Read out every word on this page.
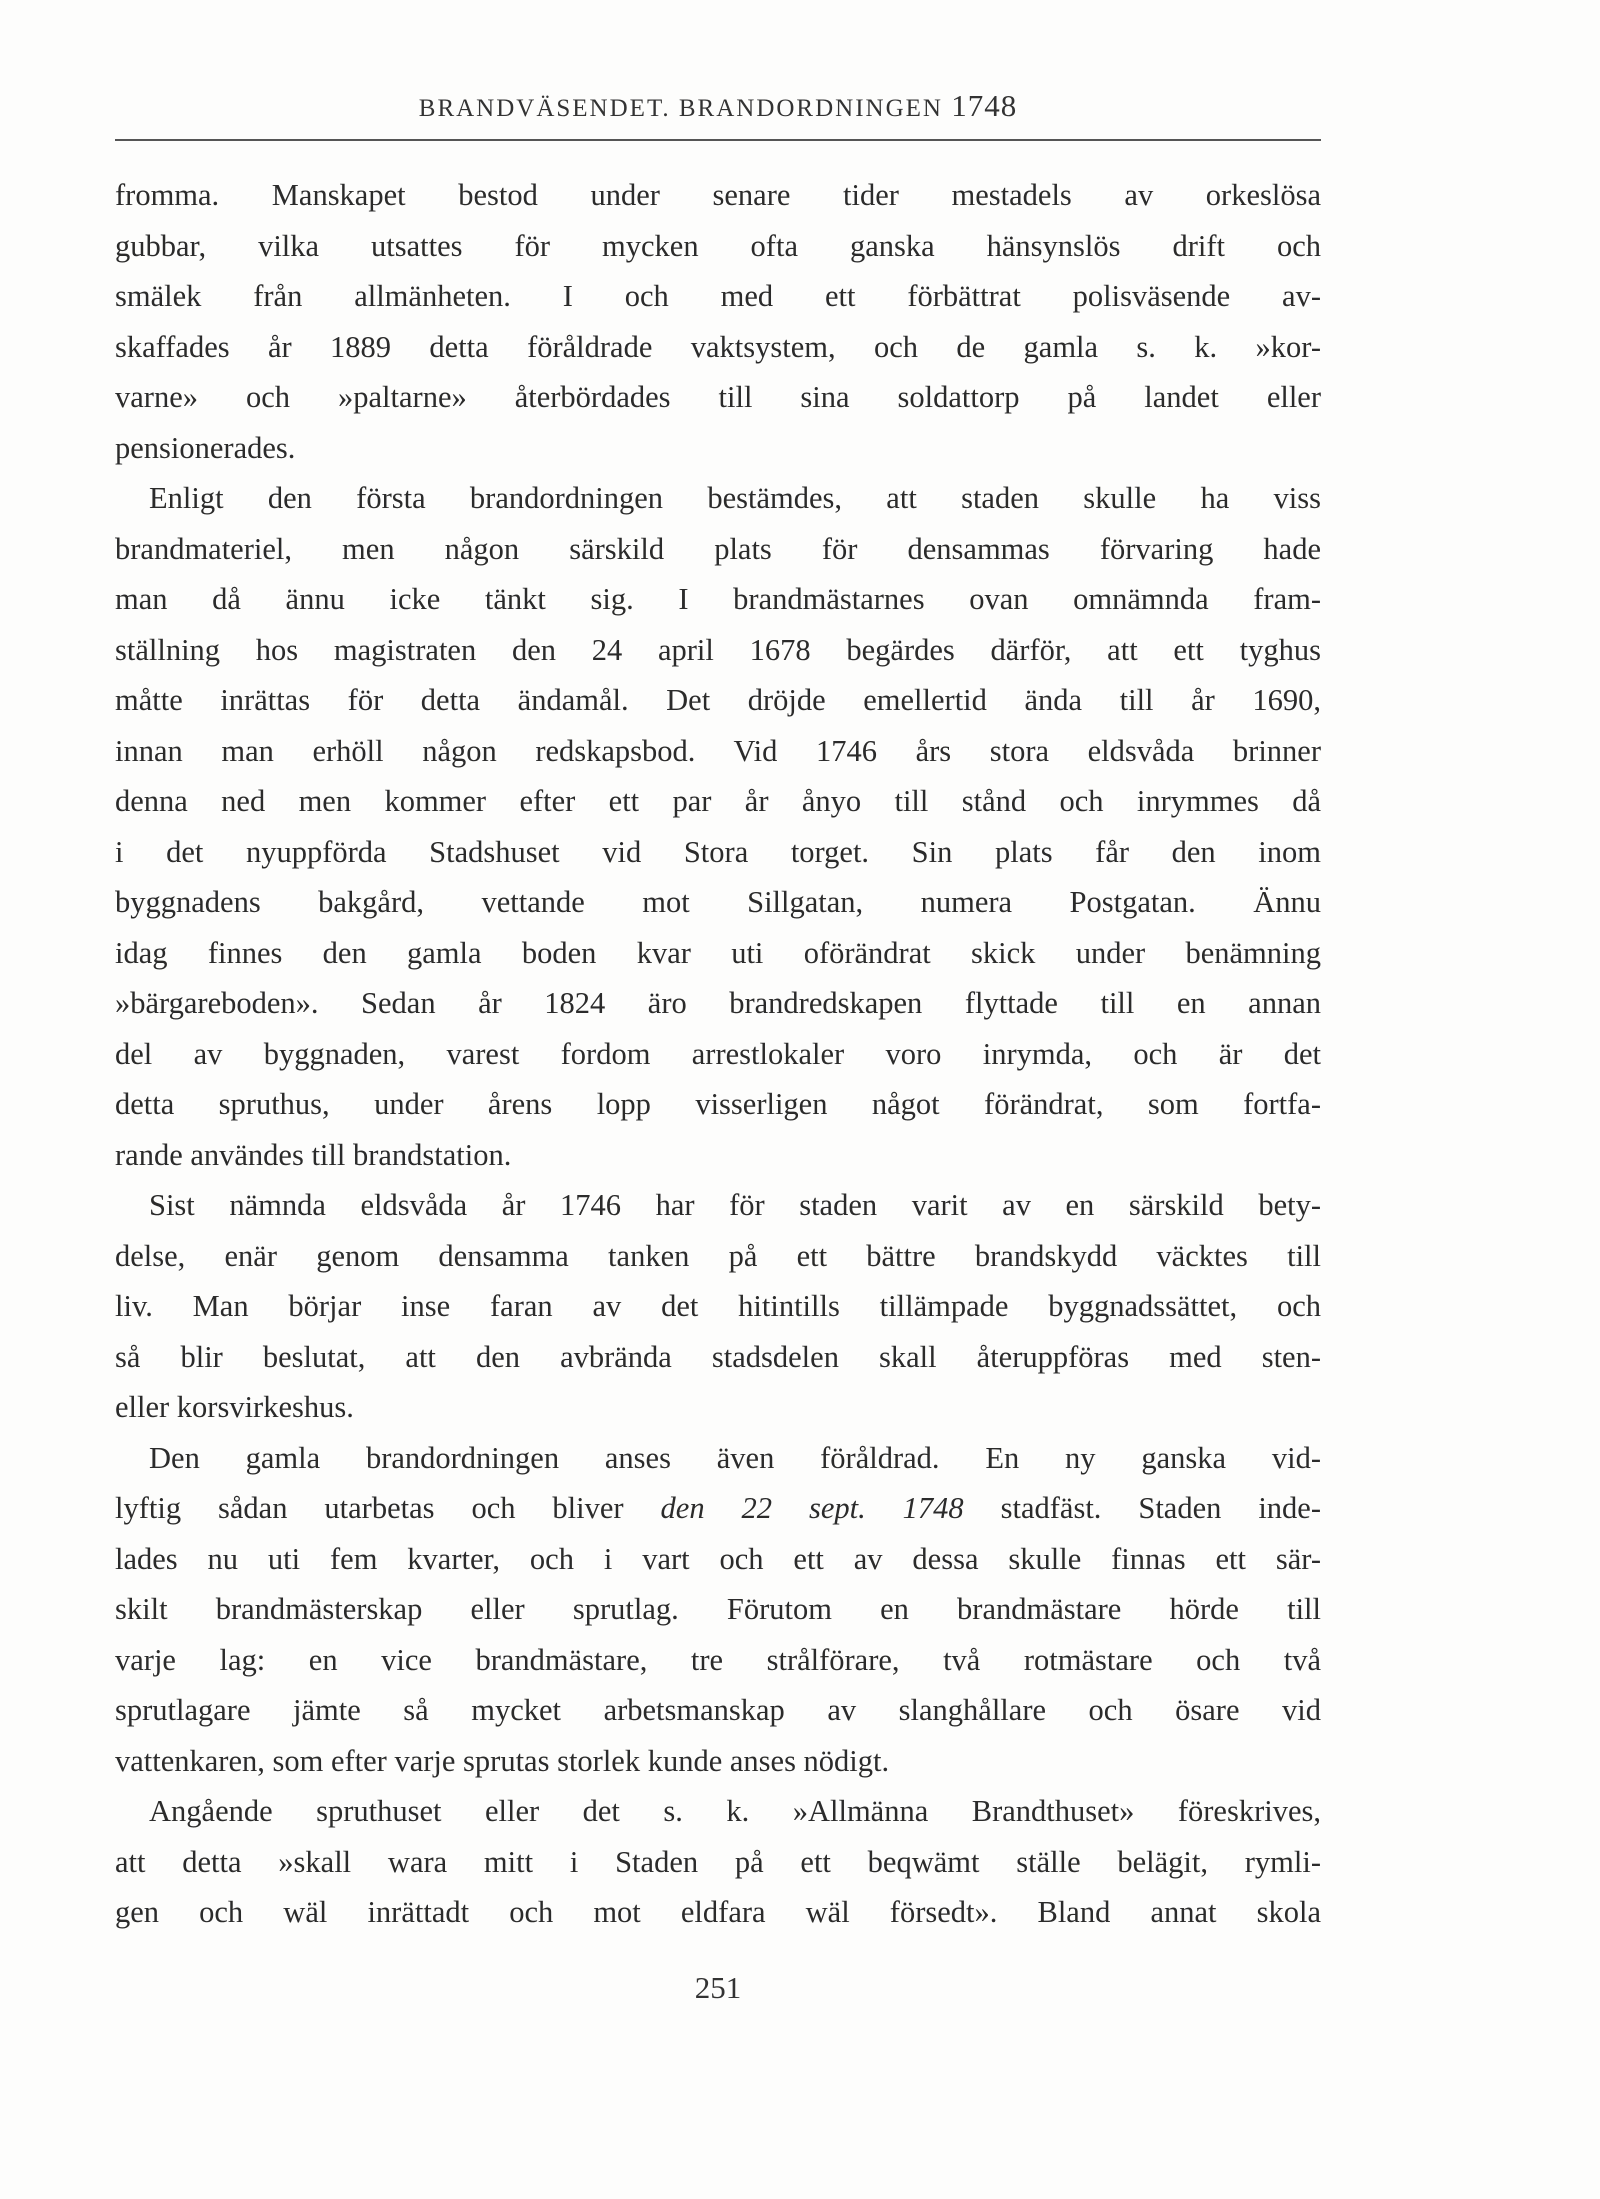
BRANDVÄSENDET. BRANDORDNINGEN 1748
fromma. Manskapet bestod under senare tider mestadels av orkeslösa
gubbar, vilka utsattes för mycken ofta ganska hänsynslös drift och
smälek från allmänheten. I och med ett förbättrat polisväsende av-
skaffades år 1889 detta föråldrade vaktsystem, och de gamla s. k. »kor-
varne» och »paltarne» återbördades till sina soldattorp på landet eller
pensionerades.
Enligt den första brandordningen bestämdes, att staden skulle ha viss
brandmateriel, men någon särskild plats för densammas förvaring hade
man då ännu icke tänkt sig. I brandmästarnes ovan omnämnda fram-
ställning hos magistraten den 24 april 1678 begärdes därför, att ett tyghus
måtte inrättas för detta ändamål. Det dröjde emellertid ända till år 1690,
innan man erhöll någon redskapsbod. Vid 1746 års stora eldsvåda brinner
denna ned men kommer efter ett par år ånyo till stånd och inrymmes då
i det nyuppförda Stadshuset vid Stora torget. Sin plats får den inom
byggnadens bakgård, vettande mot Sillgatan, numera Postgatan. Ännu
idag finnes den gamla boden kvar uti oförändrat skick under benämning
»bärgareboden». Sedan år 1824 äro brandredskapen flyttade till en annan
del av byggnaden, varest fordom arrestlokaler voro inrymda, och är det
detta spruthus, under årens lopp visserligen något förändrat, som fortfa-
rande användes till brandstation.
Sist nämnda eldsvåda år 1746 har för staden varit av en särskild bety-
delse, enär genom densamma tanken på ett bättre brandskydd väcktes till
liv. Man börjar inse faran av det hitintills tillämpade byggnadssättet, och
så blir beslutat, att den avbrända stadsdelen skall återuppföras med sten-
eller korsvirkeshus.
Den gamla brandordningen anses även föråldrad. En ny ganska vid-
lyftig sådan utarbetas och bliver den 22 sept. 1748 stadfäst. Staden inde-
lades nu uti fem kvarter, och i vart och ett av dessa skulle finnas ett sär-
skilt brandmästerskap eller sprutlag. Förutom en brandmästare hörde till
varje lag: en vice brandmästare, tre strålförare, två rotmästare och två
sprutlagare jämte så mycket arbetsmanskap av slanghållare och ösare vid
vattenkaren, som efter varje sprutas storlek kunde anses nödigt.
Angående spruthuset eller det s. k. »Allmänna Brandthuset» föreskrives,
att detta »skall wara mitt i Staden på ett beqwämt ställe belägit, rymli-
gen och wäl inrättadt och mot eldfara wäl försedt». Bland annat skola
251
